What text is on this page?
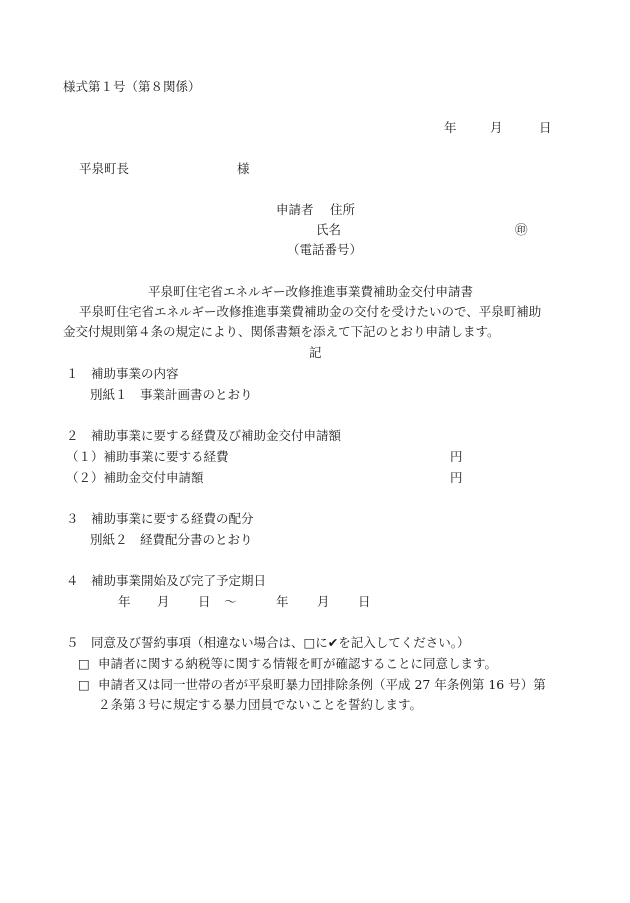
様式第１号（第８関係）
年	月	日
平泉町長	様
申請者 住所
氏名	㊞
（電話番号）
平泉町住宅省エネルギー改修推進事業費補助金交付申請書
平泉町住宅省エネルギー改修推進事業費補助金の交付を受けたいので、平泉町補助
金交付規則第４条の規定により、関係書類を添えて下記のとおり申請します。
記
１　補助事業の内容
別紙１　事業計画書のとおり
２　補助事業に要する経費及び補助金交付申請額
（１）補助事業に要する経費	円
（２）補助金交付申請額	円
３　補助事業に要する経費の配分
別紙２　経費配分書のとおり
４　補助事業開始及び完了予定期日
年 月 日 ～	年 月 日
５　同意及び誓約事項（相違ない場合は、□に✔を記入してください。）
□ 申請者に関する納税等に関する情報を町が確認することに同意します。
□ 申請者又は同一世帯の者が平泉町暴力団排除条例（平成 27 年条例第 16 号）第
２条第３号に規定する暴力団員でないことを誓約します。
